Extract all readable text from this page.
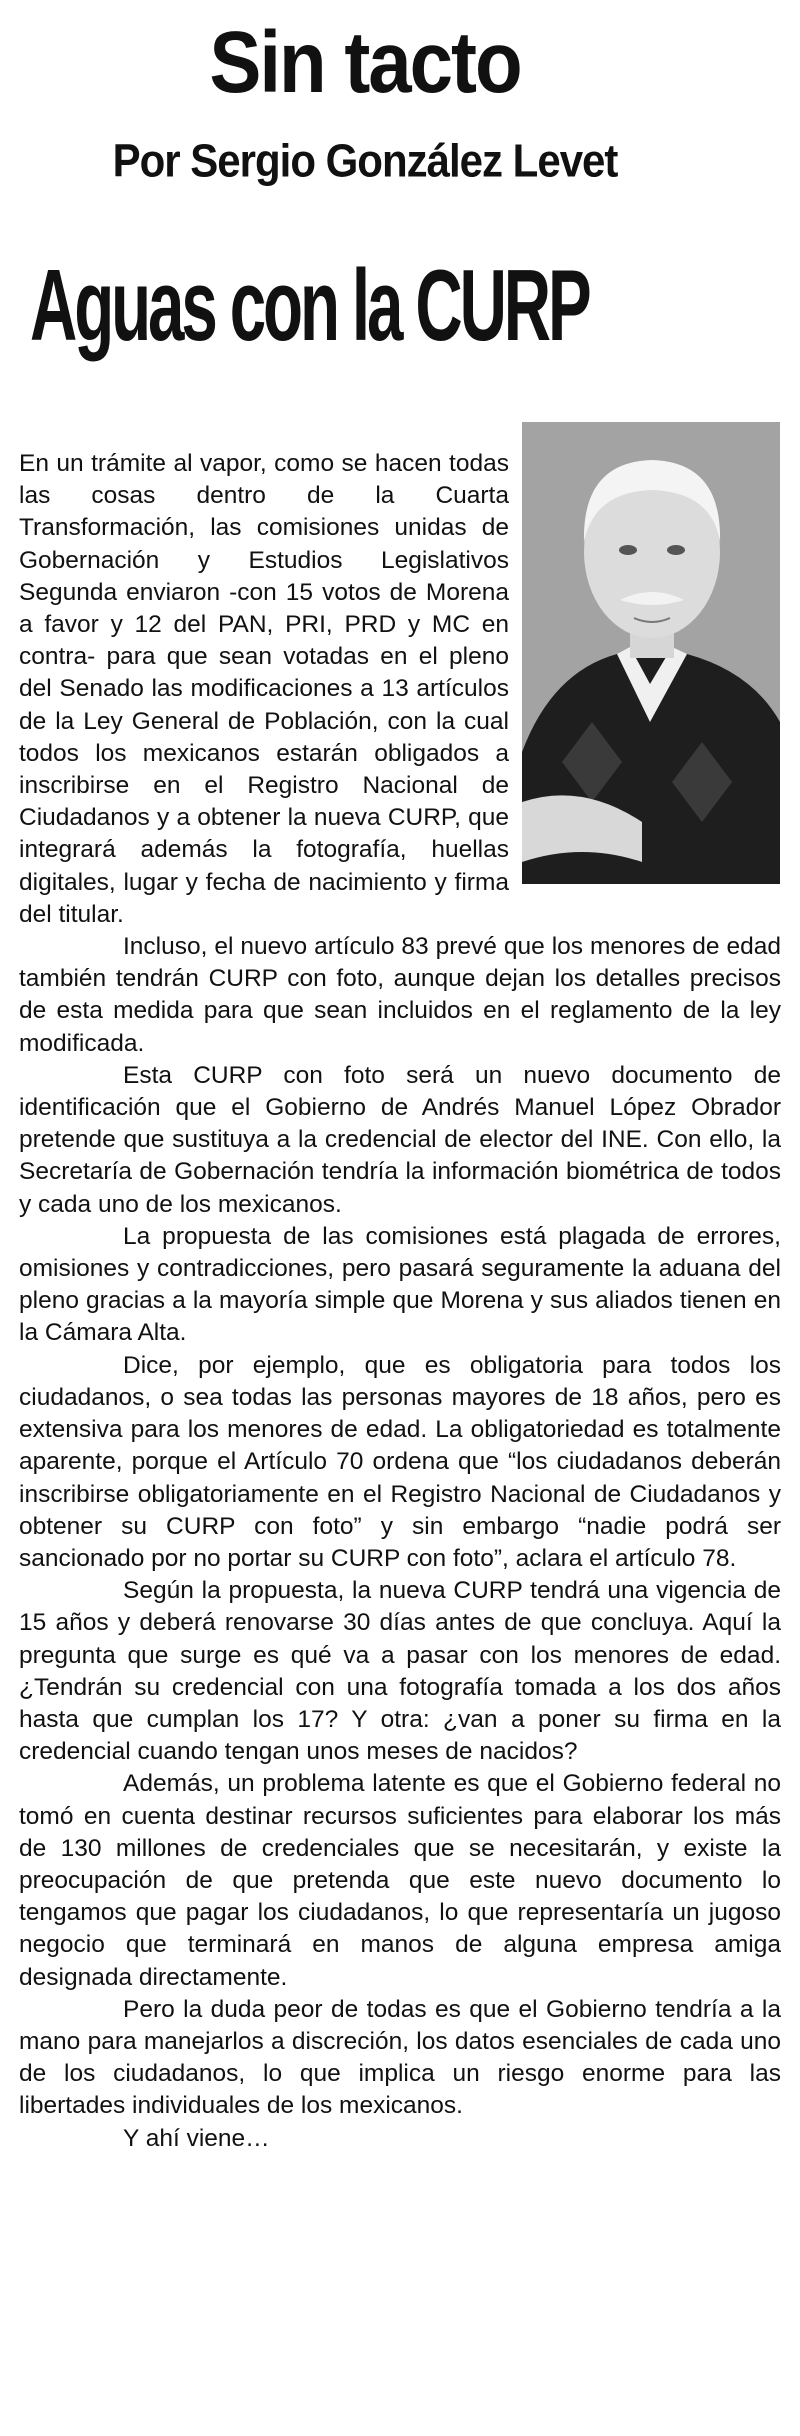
Sin tacto
Por Sergio González Levet
Aguas con la CURP

En un trámite al vapor, como se hacen todas las cosas dentro de la Cuarta Transformación, las comisiones unidas de Gobernación y Estudios Legislativos Segunda enviaron -con 15 votos de Morena a favor y 12 del PAN, PRI, PRD y MC en contra- para que sean votadas en el pleno del Senado las modificaciones a 13 artículos de la Ley General de Población, con la cual todos los mexicanos estarán obligados a inscribirse en el Registro Nacional de Ciudadanos y a obtener la nueva CURP, que integrará además la fotografía, huellas digitales, lugar y fecha de nacimiento y firma del titular.

Incluso, el nuevo artículo 83 prevé que los menores de edad también tendrán CURP con foto, aunque dejan los detalles precisos de esta medida para que sean incluidos en el reglamento de la ley modificada.

Esta CURP con foto será un nuevo documento de identificación que el Gobierno de Andrés Manuel López Obrador pretende que sustituya a la credencial de elector del INE. Con ello, la Secretaría de Gobernación tendría la información biométrica de todos y cada uno de los mexicanos.

La propuesta de las comisiones está plagada de errores, omisiones y contradicciones, pero pasará seguramente la aduana del pleno gracias a la mayoría simple que Morena y sus aliados tienen en la Cámara Alta.

Dice, por ejemplo, que es obligatoria para todos los ciudadanos, o sea todas las personas mayores de 18 años, pero es extensiva para los menores de edad. La obligatoriedad es totalmente aparente, porque el Artículo 70 ordena que “los ciudadanos deberán inscribirse obligatoriamente en el Registro Nacional de Ciudadanos y obtener su CURP con foto” y sin embargo “nadie podrá ser sancionado por no portar su CURP con foto”, aclara el artículo 78.

Según la propuesta, la nueva CURP tendrá una vigencia de 15 años y deberá renovarse 30 días antes de que concluya. Aquí la pregunta que surge es qué va a pasar con los menores de edad. ¿Tendrán su credencial con una fotografía tomada a los dos años hasta que cumplan los 17? Y otra: ¿van a poner su firma en la credencial cuando tengan unos meses de nacidos?

Además, un problema latente es que el Gobierno federal no tomó en cuenta destinar recursos suficientes para elaborar los más de 130 millones de credenciales que se necesitarán, y existe la preocupación de que pretenda que este nuevo documento lo tengamos que pagar los ciudadanos, lo que representaría un jugoso negocio que terminará en manos de alguna empresa amiga designada directamente.

Pero la duda peor de todas es que el Gobierno tendría a la mano para manejarlos a discreción, los datos esenciales de cada uno de los ciudadanos, lo que implica un riesgo enorme para las libertades individuales de los mexicanos.

Y ahí viene…
